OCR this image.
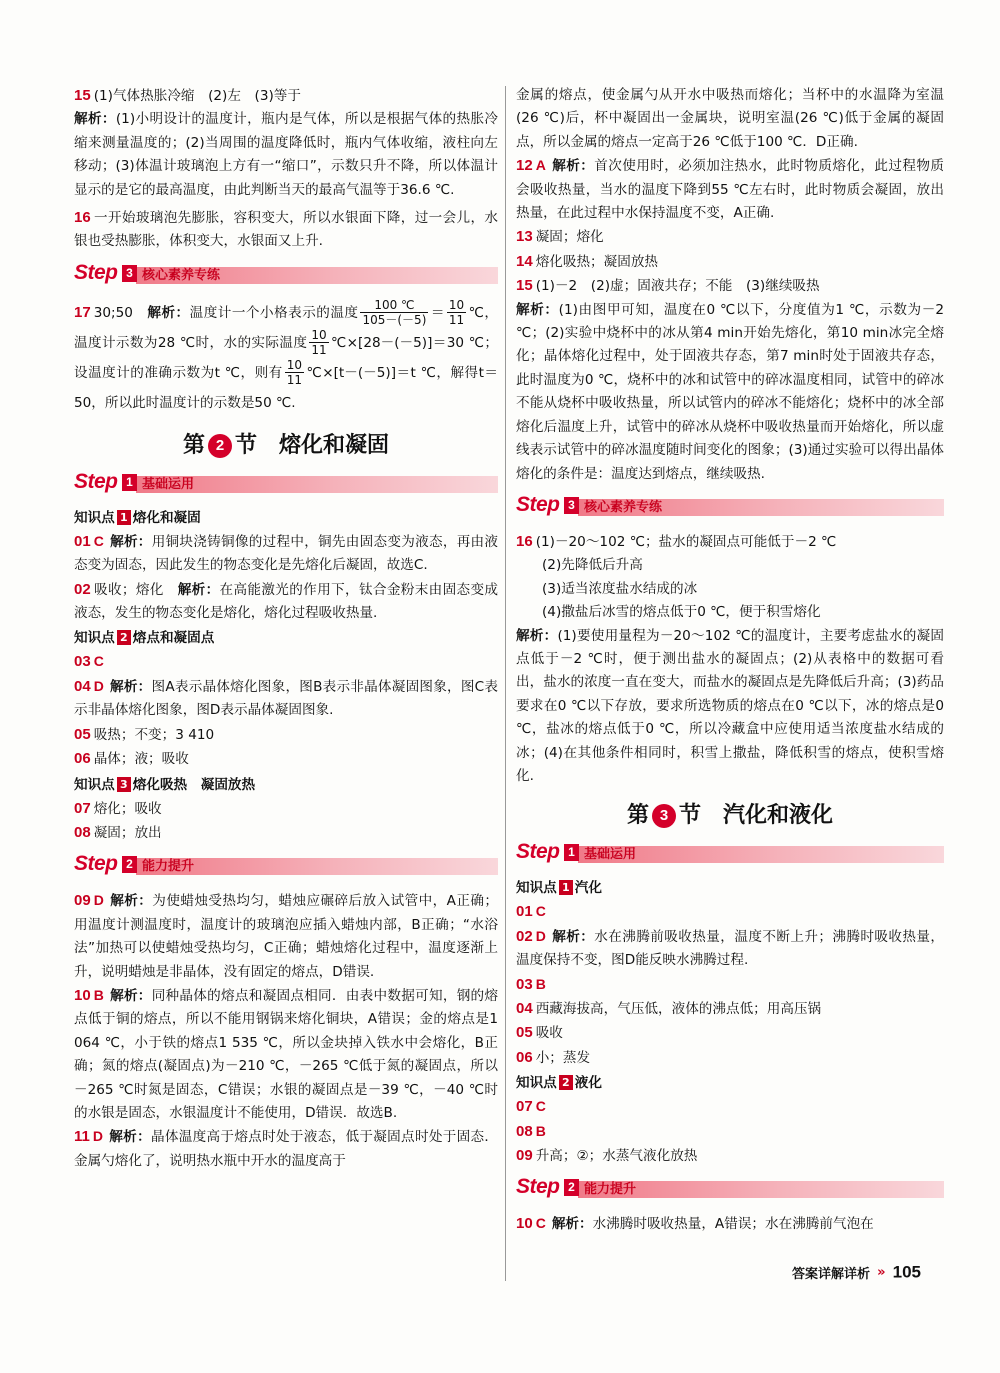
15 (1)气体热胀冷缩　(2)左　(3)等于
解析：(1)小明设计的温度计，瓶内是气体，所以是根据气体的热胀冷缩来测量温度的；(2)当周围的温度降低时，瓶内气体收缩，液柱向左移动；(3)体温计玻璃泡上方有一“缩口”，示数只升不降，所以体温计显示的是它的最高温度，由此判断当天的最高气温等于36.6 ℃.

16 一开始玻璃泡先膨胀，容积变大，所以水银面下降，过一会儿，水银也受热膨胀，体积变大，水银面又上升.

Step 核心素养专练
3

17 30;50　 解析：温度计一个小格表示的温度 $\frac{100 ℃}{105-(-5)} = \frac{10}{11}$ ℃，温度计示数为28 ℃时，水的实际温度 $\frac{10}{11}$ ℃×[28－(－5)]＝30 ℃；设温度计的准确示数为t ℃，则有 $\frac{10}{11}$ ℃×[t－(－5)]＝t ℃，解得t＝50，所以此时温度计的示数是50 ℃.

第 2 节 熔化和凝固
Step 基础运用
1

知识点 1 熔化和凝固

01 C 解析：用铜块浇铸铜像的过程中，铜先由固态变为液态，再由液态变为固态，因此发生的物态变化是先熔化后凝固，故选C.

02 吸收；熔化　 解析：在高能激光的作用下，钛合金粉末由固态变成液态，发生的物态变化是熔化，熔化过程吸收热量.

知识点 2 熔点和凝固点

03 C

04 D 解析：图A表示晶体熔化图象，图B表示非晶体凝固图象，图C表示非晶体熔化图象，图D表示晶体凝固图象.

05 吸热；不变；3 410

06 晶体；液；吸收

知识点 3 熔化吸热　凝固放热

07 熔化；吸收

08 凝固；放出

Step 能力提升
2

09 D 解析：为使蜡烛受热均匀，蜡烛应碾碎后放入试管中，A正确；用温度计测温度时，温度计的玻璃泡应插入蜡烛内部，B正确；“水浴法”加热可以使蜡烛受热均匀，C正确；蜡烛熔化过程中，温度逐渐上升，说明蜡烛是非晶体，没有固定的熔点，D错误.

10 B 解析：同种晶体的熔点和凝固点相同．由表中数据可知，钢的熔点低于铜的熔点，所以不能用钢锅来熔化铜块，A错误；金的熔点是1 064 ℃，小于铁的熔点1 535 ℃，所以金块掉入铁水中会熔化，B正确；氮的熔点(凝固点)为－210 ℃，－265 ℃低于氮的凝固点，所以－265 ℃时氮是固态，C错误；水银的凝固点是－39 ℃，－40 ℃时的水银是固态，水银温度计不能使用，D错误．故选B.

11 D 解析：晶体温度高于熔点时处于液态，低于凝固点时处于固态．金属勺熔化了，说明热水瓶中开水的温度高于

金属的熔点，使金属勺从开水中吸热而熔化；当杯中的水温降为室温(26 ℃)后，杯中凝固出一金属块，说明室温(26 ℃)低于金属的凝固点，所以金属的熔点一定高于26 ℃低于100 ℃．D正确.

12 A 解析：首次使用时，必须加注热水，此时物质熔化，此过程物质会吸收热量，当水的温度下降到55 ℃左右时，此时物质会凝固，放出热量，在此过程中水保持温度不变，A正确.

13 凝固；熔化

14 熔化吸热；凝固放热

15 (1)－2　(2)虚；固液共存；不能　(3)继续吸热
解析：(1)由图甲可知，温度在0 ℃以下，分度值为1 ℃，示数为－2 ℃；(2)实验中烧杯中的冰从第4 min开始先熔化，第10 min冰完全熔化；晶体熔化过程中，处于固液共存态，第7 min时处于固液共存态，此时温度为0 ℃，烧杯中的冰和试管中的碎冰温度相同，试管中的碎冰不能从烧杯中吸收热量，所以试管内的碎冰不能熔化；烧杯中的冰全部熔化后温度上升，试管中的碎冰从烧杯中吸收热量而开始熔化，所以虚线表示试管中的碎冰温度随时间变化的图象；(3)通过实验可以得出晶体熔化的条件是：温度达到熔点，继续吸热.

Step 核心素养专练
3

16 (1)－20～102 ℃；盐水的凝固点可能低于－2 ℃

(2)先降低后升高

(3)适当浓度盐水结成的冰

(4)撒盐后冰雪的熔点低于0 ℃，便于积雪熔化

解析：(1)要使用量程为－20～102 ℃的温度计，主要考虑盐水的凝固点低于－2 ℃时，便于测出盐水的凝固点；(2)从表格中的数据可看出，盐水的浓度一直在变大，而盐水的凝固点是先降低后升高；(3)药品要求在0 ℃以下存放，要求所选物质的熔点在0 ℃以下，冰的熔点是0 ℃，盐冰的熔点低于0 ℃，所以冷藏盒中应使用适当浓度盐水结成的冰；(4)在其他条件相同时，积雪上撒盐，降低积雪的熔点，使积雪熔化.

第 3 节 汽化和液化
Step 基础运用
1

知识点 1 汽化

01 C

02 D 解析：水在沸腾前吸收热量，温度不断上升；沸腾时吸收热量，温度保持不变，图D能反映水沸腾过程.

03 B

04 西藏海拔高，气压低，液体的沸点低；用高压锅

05 吸收

06 小；蒸发

知识点 2 液化

07 C

08 B

09 升高；②；水蒸气液化放热

Step 能力提升
2

10 C 解析：水沸腾时吸收热量，A错误；水在沸腾前气泡在

答案详解详析 » 105
